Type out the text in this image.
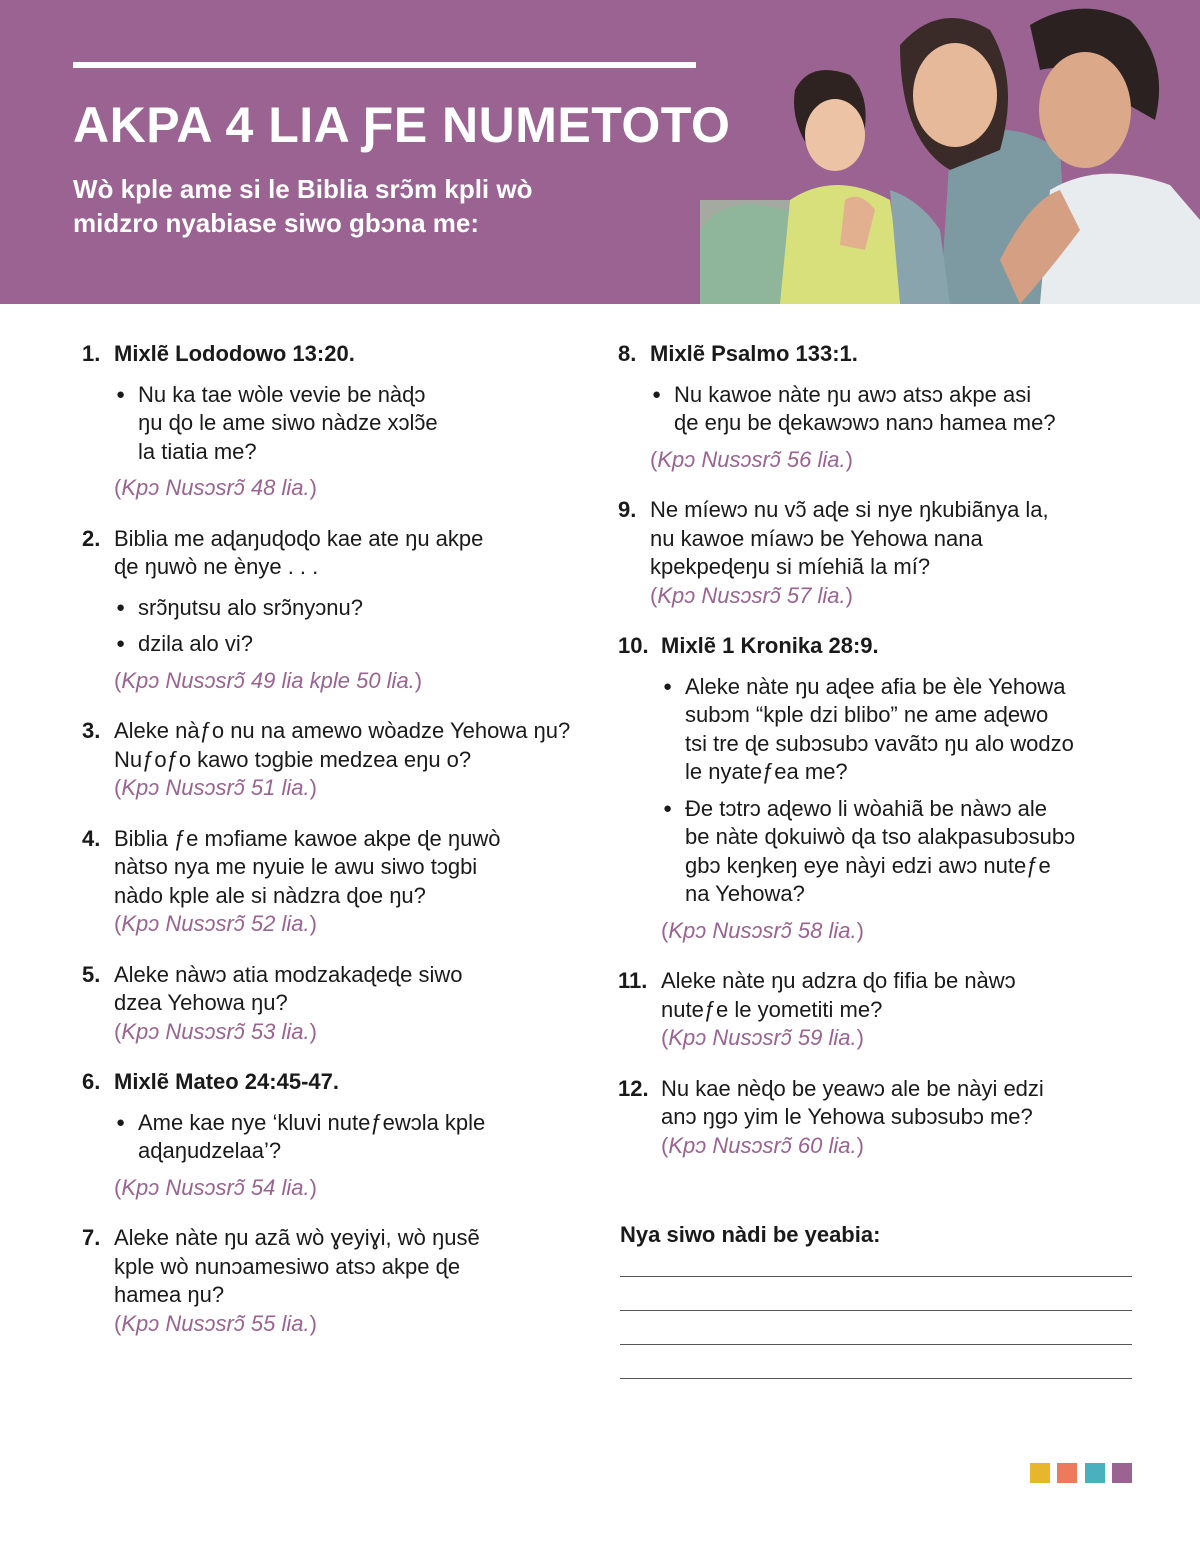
AKPA 4 LIA ƑE NUMETOTO

Wò kple ame si le Biblia srɔ̃m kpli wò
midzro nyabiase siwo gbɔna me:

1. Mixlẽ Lododowo 13:20.
● Nu ka tae wòle vevie be nàɖɔ
ŋu ɖo le ame siwo nàdze xɔlɔ̃e
la tiatia me?
(Kpɔ Nusɔsrɔ̃ 48 lia.)
2. Biblia me aɖaŋuɖoɖo kae ate ŋu akpe
ɖe ŋuwò ne ènye . . .
● srɔ̃ŋutsu alo srɔ̃nyɔnu?
● dzila alo vi?
(Kpɔ Nusɔsrɔ̃ 49 lia kple 50 lia.)
3. Aleke nàƒo nu na amewo wòadze Yehowa ŋu?
Nuƒoƒo kawo tɔgbie medzea eŋu o?
(Kpɔ Nusɔsrɔ̃ 51 lia.)
4. Biblia ƒe mɔfiame kawoe akpe ɖe ŋuwò
nàtso nya me nyuie le awu siwo tɔgbi
nàdo kple ale si nàdzra ɖoe ŋu?
(Kpɔ Nusɔsrɔ̃ 52 lia.)
5. Aleke nàwɔ atia modzakaɖeɖe siwo
dzea Yehowa ŋu?
(Kpɔ Nusɔsrɔ̃ 53 lia.)
6. Mixlẽ Mateo 24:45-47.
● Ame kae nye ‘kluvi nuteƒewɔla kple
aɖaŋudzelaa’?
(Kpɔ Nusɔsrɔ̃ 54 lia.)
7. Aleke nàte ŋu azã wò ɣeyiɣi, wò ŋusẽ
kple wò nunɔamesiwo atsɔ akpe ɖe
hamea ŋu?
(Kpɔ Nusɔsrɔ̃ 55 lia.)
8. Mixlẽ Psalmo 133:1.
● Nu kawoe nàte ŋu awɔ atsɔ akpe asi
ɖe eŋu be ɖekawɔwɔ nanɔ hamea me?
(Kpɔ Nusɔsrɔ̃ 56 lia.)
9. Ne míewɔ nu vɔ̃ aɖe si nye ŋkubiãnya la,
nu kawoe míawɔ be Yehowa nana
kpekpeɖeŋu si míehiã la mí?
(Kpɔ Nusɔsrɔ̃ 57 lia.)
10. Mixlẽ 1 Kronika 28:9.
● Aleke nàte ŋu aɖee afia be èle Yehowa
subɔm “kple dzi blibo” ne ame aɖewo
tsi tre ɖe subɔsubɔ vavãtɔ ŋu alo wodzo
le nyateƒea me?
● Ðe tɔtrɔ aɖewo li wòahiã be nàwɔ ale
be nàte ɖokuiwò ɖa tso alakpasubɔsubɔ
gbɔ keŋkeŋ eye nàyi edzi awɔ nuteƒe
na Yehowa?
(Kpɔ Nusɔsrɔ̃ 58 lia.)
11. Aleke nàte ŋu adzra ɖo fifia be nàwɔ
nuteƒe le yometiti me?
(Kpɔ Nusɔsrɔ̃ 59 lia.)
12. Nu kae nèɖo be yeawɔ ale be nàyi edzi
anɔ ŋgɔ yim le Yehowa subɔsubɔ me?
(Kpɔ Nusɔsrɔ̃ 60 lia.)

Nya siwo nàdi be yeabia:
